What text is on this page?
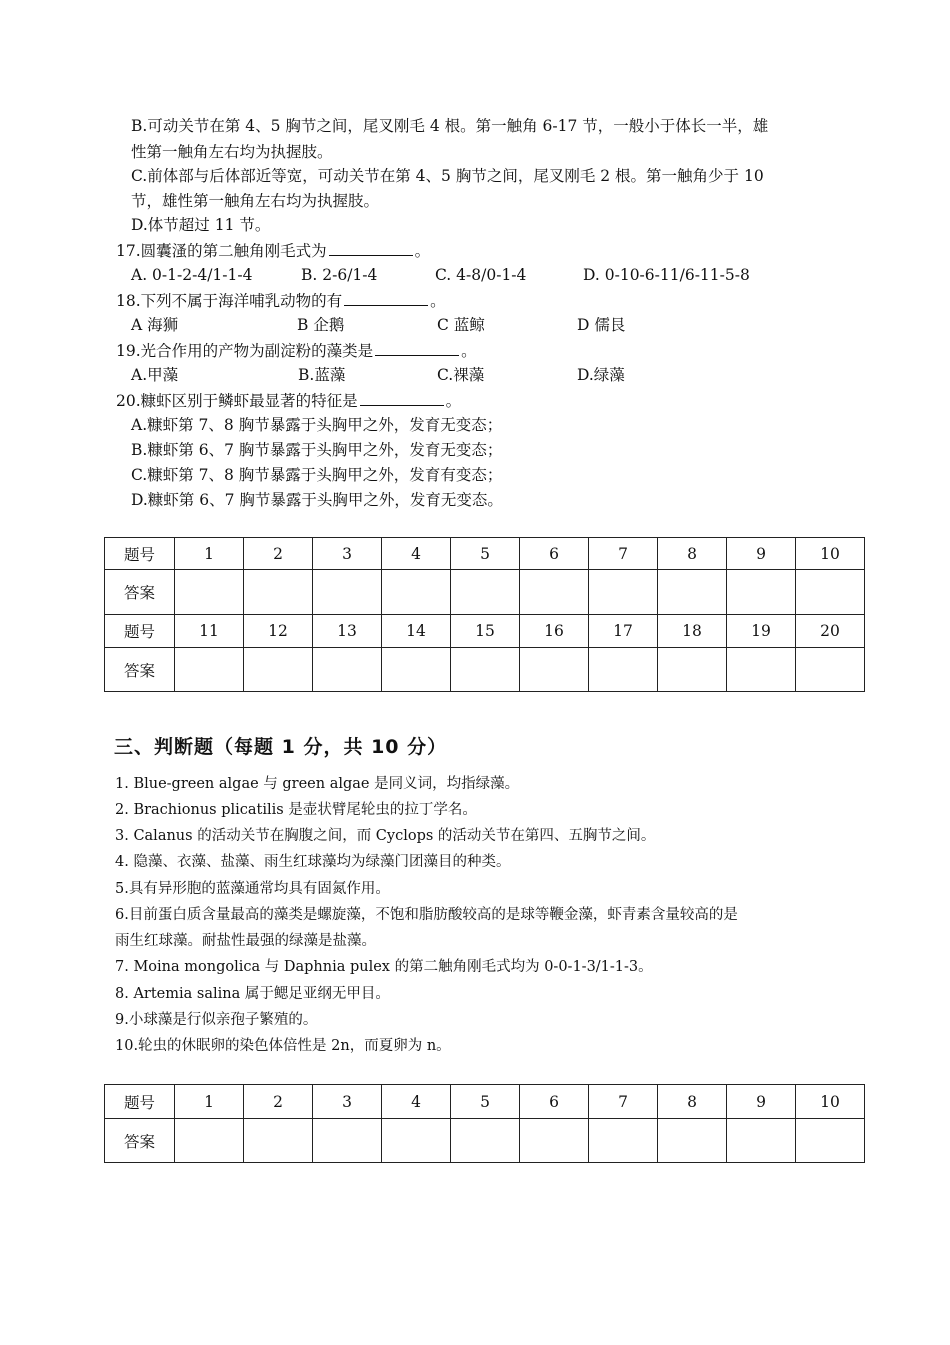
B.可动关节在第 4、5 胸节之间，尾叉刚毛 4 根。第一触角 6-17 节，一般小于体长一半，雄
性第一触角左右均为执握肢。
C.前体部与后体部近等宽，可动关节在第 4、5 胸节之间，尾叉刚毛 2 根。第一触角少于 10
节，雄性第一触角左右均为执握肢。
D.体节超过 11 节。
17.圆囊溞的第二触角刚毛式为	。
A. 0-1-2-4/1-1-4	B. 2-6/1-4	C. 4-8/0-1-4	D. 0-10-6-11/6-11-5-8
18.下列不属于海洋哺乳动物的有	。
A 海狮	B 企鹅	C 蓝鲸	D 儒艮
19.光合作用的产物为副淀粉的藻类是	。
A.甲藻	B.蓝藻	C.裸藻	D.绿藻
20.糠虾区别于鳞虾最显著的特征是	。
A.糠虾第 7、8 胸节暴露于头胸甲之外，发育无变态；
B.糠虾第 6、7 胸节暴露于头胸甲之外，发育无变态；
C.糠虾第 7、8 胸节暴露于头胸甲之外，发育有变态；
D.糠虾第 6、7 胸节暴露于头胸甲之外，发育无变态。
题号	1	2	3	4	5	6	7	8	9	10
答案										
题号	11	12	13	14	15	16	17	18	19	20
答案										
三、判断题（每题 1 分，共 10 分）
1. Blue-green algae 与 green algae 是同义词，均指绿藻。
2. Brachionus plicatilis 是壶状臂尾轮虫的拉丁学名。
3. Calanus 的活动关节在胸腹之间，而 Cyclops 的活动关节在第四、五胸节之间。
4. 隐藻、衣藻、盐藻、雨生红球藻均为绿藻门团藻目的种类。
5.具有异形胞的蓝藻通常均具有固氮作用。
6.目前蛋白质含量最高的藻类是螺旋藻，不饱和脂肪酸较高的是球等鞭金藻，虾青素含量较高的是
雨生红球藻。耐盐性最强的绿藻是盐藻。
7. Moina mongolica 与 Daphnia pulex 的第二触角刚毛式均为 0-0-1-3/1-1-3。
8. Artemia salina 属于鳃足亚纲无甲目。
9.小球藻是行似亲孢子繁殖的。
10.轮虫的休眠卵的染色体倍性是 2n，而夏卵为 n。
题号	1	2	3	4	5	6	7	8	9	10
答案										
